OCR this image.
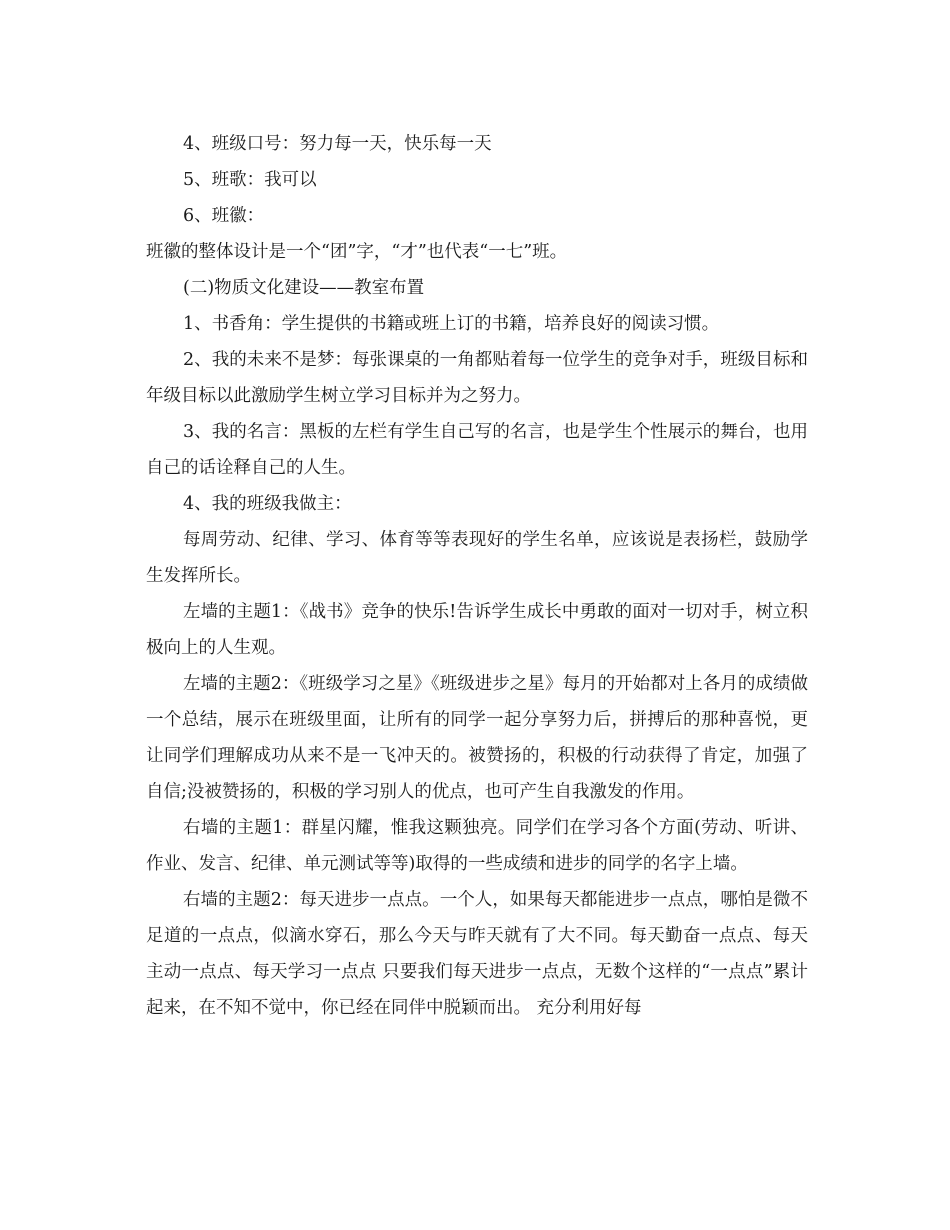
4、班级口号：努力每一天，快乐每一天

5、班歌：我可以

6、班徽：

班徽的整体设计是一个“团”字，“才”也代表“一七”班。

(二)物质文化建设——教室布置

1、书香角：学生提供的书籍或班上订的书籍，培养良好的阅读习惯。

2、我的未来不是梦：每张课桌的一角都贴着每一位学生的竞争对手，班级目标和年级目标以此激励学生树立学习目标并为之努力。

3、我的名言：黑板的左栏有学生自己写的名言，也是学生个性展示的舞台，也用自己的话诠释自己的人生。

4、我的班级我做主：

每周劳动、纪律、学习、体育等等表现好的学生名单，应该说是表扬栏，鼓励学生发挥所长。

左墙的主题1：《战书》竞争的快乐!告诉学生成长中勇敢的面对一切对手，树立积极向上的人生观。

左墙的主题2：《班级学习之星》《班级进步之星》每月的开始都对上各月的成绩做一个总结，展示在班级里面，让所有的同学一起分享努力后，拼搏后的那种喜悦，更让同学们理解成功从来不是一飞冲天的。被赞扬的，积极的行动获得了肯定，加强了自信;没被赞扬的，积极的学习别人的优点，也可产生自我激发的作用。

右墙的主题1：群星闪耀，惟我这颗独亮。同学们在学习各个方面(劳动、听讲、作业、发言、纪律、单元测试等等)取得的一些成绩和进步的同学的名字上墙。

右墙的主题2：每天进步一点点。一个人，如果每天都能进步一点点，哪怕是微不足道的一点点，似滴水穿石，那么今天与昨天就有了大不同。每天勤奋一点点、每天主动一点点、每天学习一点点 只要我们每天进步一点点，无数个这样的“一点点”累计起来，在不知不觉中，你已经在同伴中脱颖而出。 充分利用好每
